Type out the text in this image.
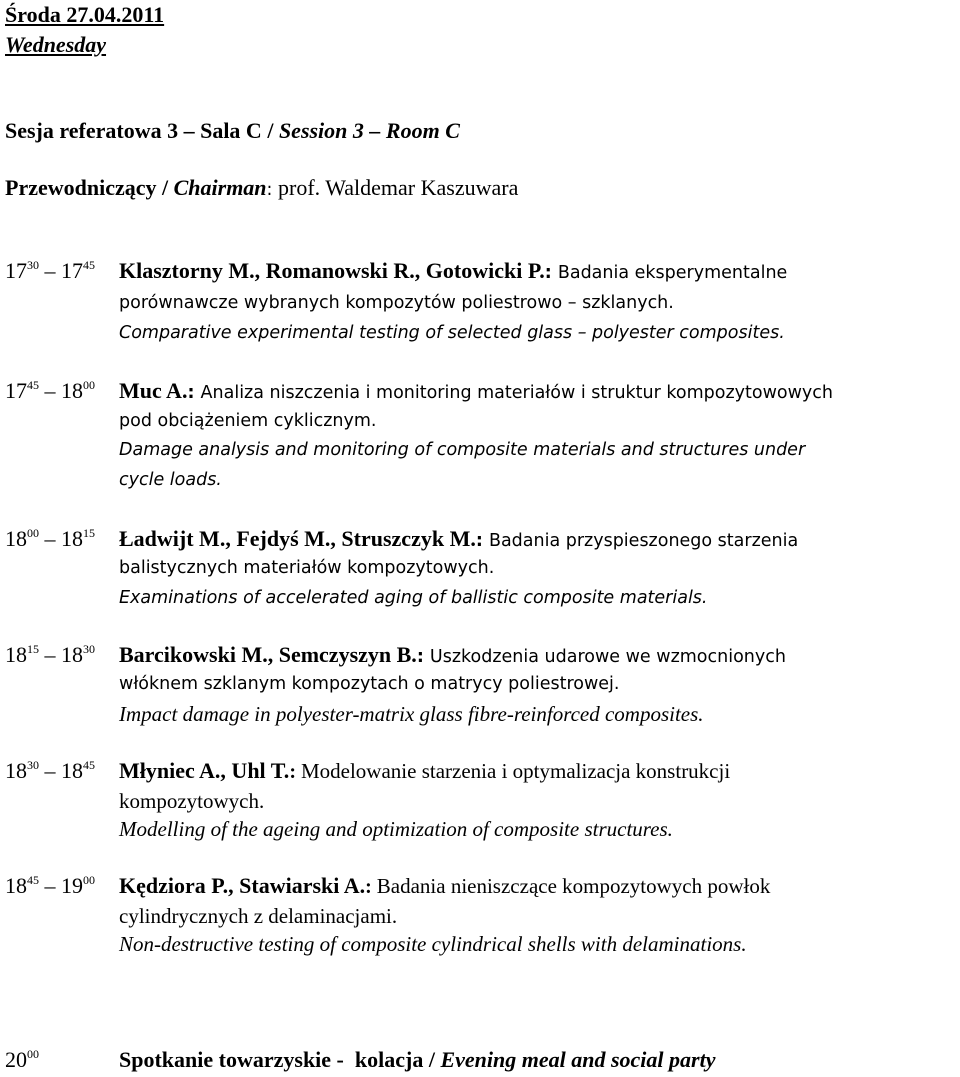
Środa 27.04.2011
Wednesday
Sesja referatowa 3 – Sala C / Session 3 – Room C
Przewodniczący / Chairman: prof. Waldemar Kaszuwara
$17^{30} - 17^{45}$ Klasztorny M., Romanowski R., Gotowicki P.: Badania eksperymentalne
porównawcze wybranych kompozytów poliestrowo – szklanych.
Comparative experimental testing of selected glass – polyester composites.
$17^{45} - 18^{00}$ Muc A.: Analiza niszczenia i monitoring materiałów i struktur kompozytowowych
pod obciążeniem cyklicznym.
Damage analysis and monitoring of composite materials and structures under
cycle loads.
$18^{00} - 18^{15}$ Ładwijt M., Fejdyś M., Struszczyk M.: Badania przyspieszonego starzenia
balistycznych materiałów kompozytowych.
Examinations of accelerated aging of ballistic composite materials.
$18^{15} - 18^{30}$ Barcikowski M., Semczyszyn B.: Uszkodzenia udarowe we wzmocnionych
włóknem szklanym kompozytach o matrycy poliestrowej.
Impact damage in polyester-matrix glass fibre-reinforced composites.
$18^{30} - 18^{45}$ Młyniec A., Uhl T.: Modelowanie starzenia i optymalizacja konstrukcji
kompozytowych.
Modelling of the ageing and optimization of composite structures.
$18^{45} - 19^{00}$ Kędziora P., Stawiarski A.: Badania nieniszczące kompozytowych powłok
cylindrycznych z delaminacjami.
Non-destructive testing of composite cylindrical shells with delaminations.
$20^{00}$	Spotkanie towarzyskie -  kolacja / Evening meal and social party
